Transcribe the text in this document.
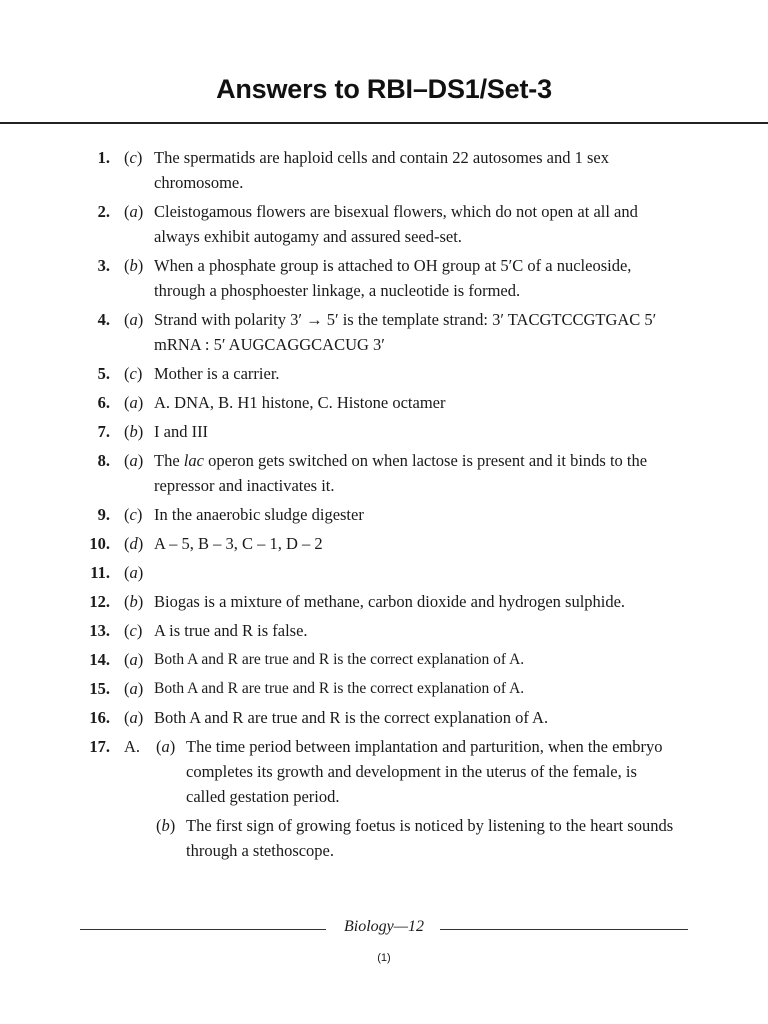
Answers to RBI–DS1/Set-3
1. (c) The spermatids are haploid cells and contain 22 autosomes and 1 sex
chromosome.
2. (a) Cleistogamous flowers are bisexual flowers, which do not open at all and
always exhibit autogamy and assured seed-set.
3. (b) When a phosphate group is attached to OH group at 5′C of a nucleoside,
through a phosphoester linkage, a nucleotide is formed.
4. (a) Strand with polarity 3′ → 5′ is the template strand: 3′ TACGTCCGTGAC 5′
mRNA : 5′ AUGCAGGCACUG 3′
5. (c) Mother is a carrier.
6. (a) A. DNA, B. H1 histone, C. Histone octamer
7. (b) I and III
8. (a) The lac operon gets switched on when lactose is present and it binds to the
repressor and inactivates it.
9. (c) In the anaerobic sludge digester
10. (d) A – 5, B – 3, C – 1, D – 2
11. (a)

12. (b) Biogas is a mixture of methane, carbon dioxide and hydrogen sulphide.
13. (c) A is true and R is false.
14. (a) Both A and R are true and R is the correct explanation of A.
15. (a) Both A and R are true and R is the correct explanation of A.
16. (a) Both A and R are true and R is the correct explanation of A.
17. A. (a) The time period between implantation and parturition, when the embryo
completes its growth and development in the uterus of the female, is
called gestation period.
(b) The first sign of growing foetus is noticed by listening to the heart sounds
through a stethoscope.
Biology—12
(1)
